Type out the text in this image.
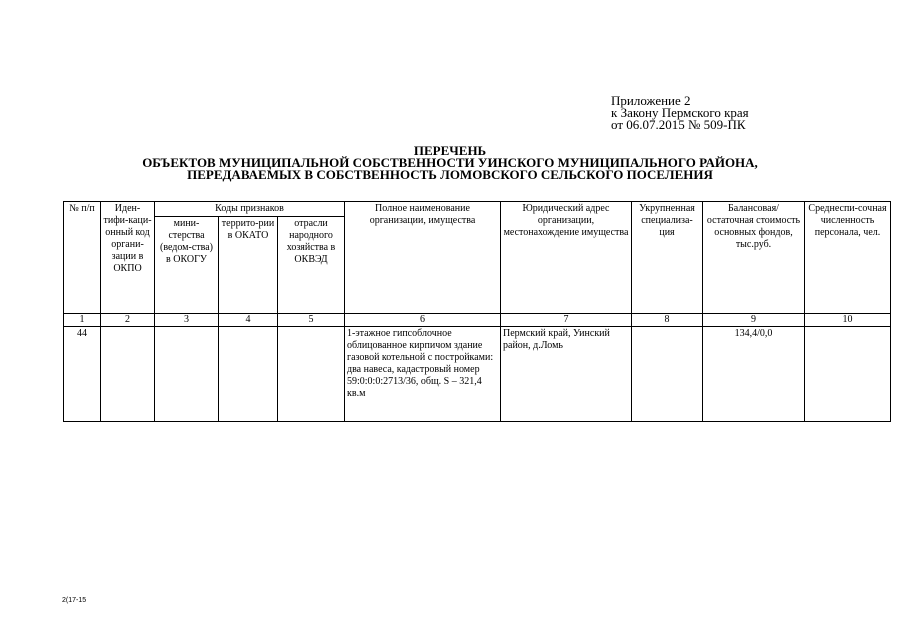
Приложение 2
к Закону Пермского края
от 06.07.2015 № 509-ПК
ПЕРЕЧЕНЬ
ОБЪЕКТОВ МУНИЦИПАЛЬНОЙ СОБСТВЕННОСТИ УИНСКОГО МУНИЦИПАЛЬНОГО РАЙОНА,
ПЕРЕДАВАЕМЫХ В СОБСТВЕННОСТЬ ЛОМОВСКОГО СЕЛЬСКОГО ПОСЕЛЕНИЯ
№ п/п	Иден-тифи-каци-онный код органи-зации в ОКПО	Коды признаков			Полное наименование организации, имущества	Юридический адрес организации, местонахождение имущества	Укрупненная специализа-ция	Балансовая/ остаточная стоимость основных фондов, тыс.руб.	Среднеспи-сочная численность персонала, чел.
		мини-стерства (ведом-ства) в ОКОГУ	террито-рии в ОКАТО	отрасли народного хозяйства в ОКВЭД					
1	2	3	4	5	6	7	8	9	10
44					1-этажное гипсоблочное облицованное кирпичом здание газовой котельной с постройками: два навеса, кадастровый номер 59:0:0:0:2713/36, общ. S – 321,4 кв.м	Пермский край, Уинский район, д.Ломь		134,4/0,0	
2(17-15
